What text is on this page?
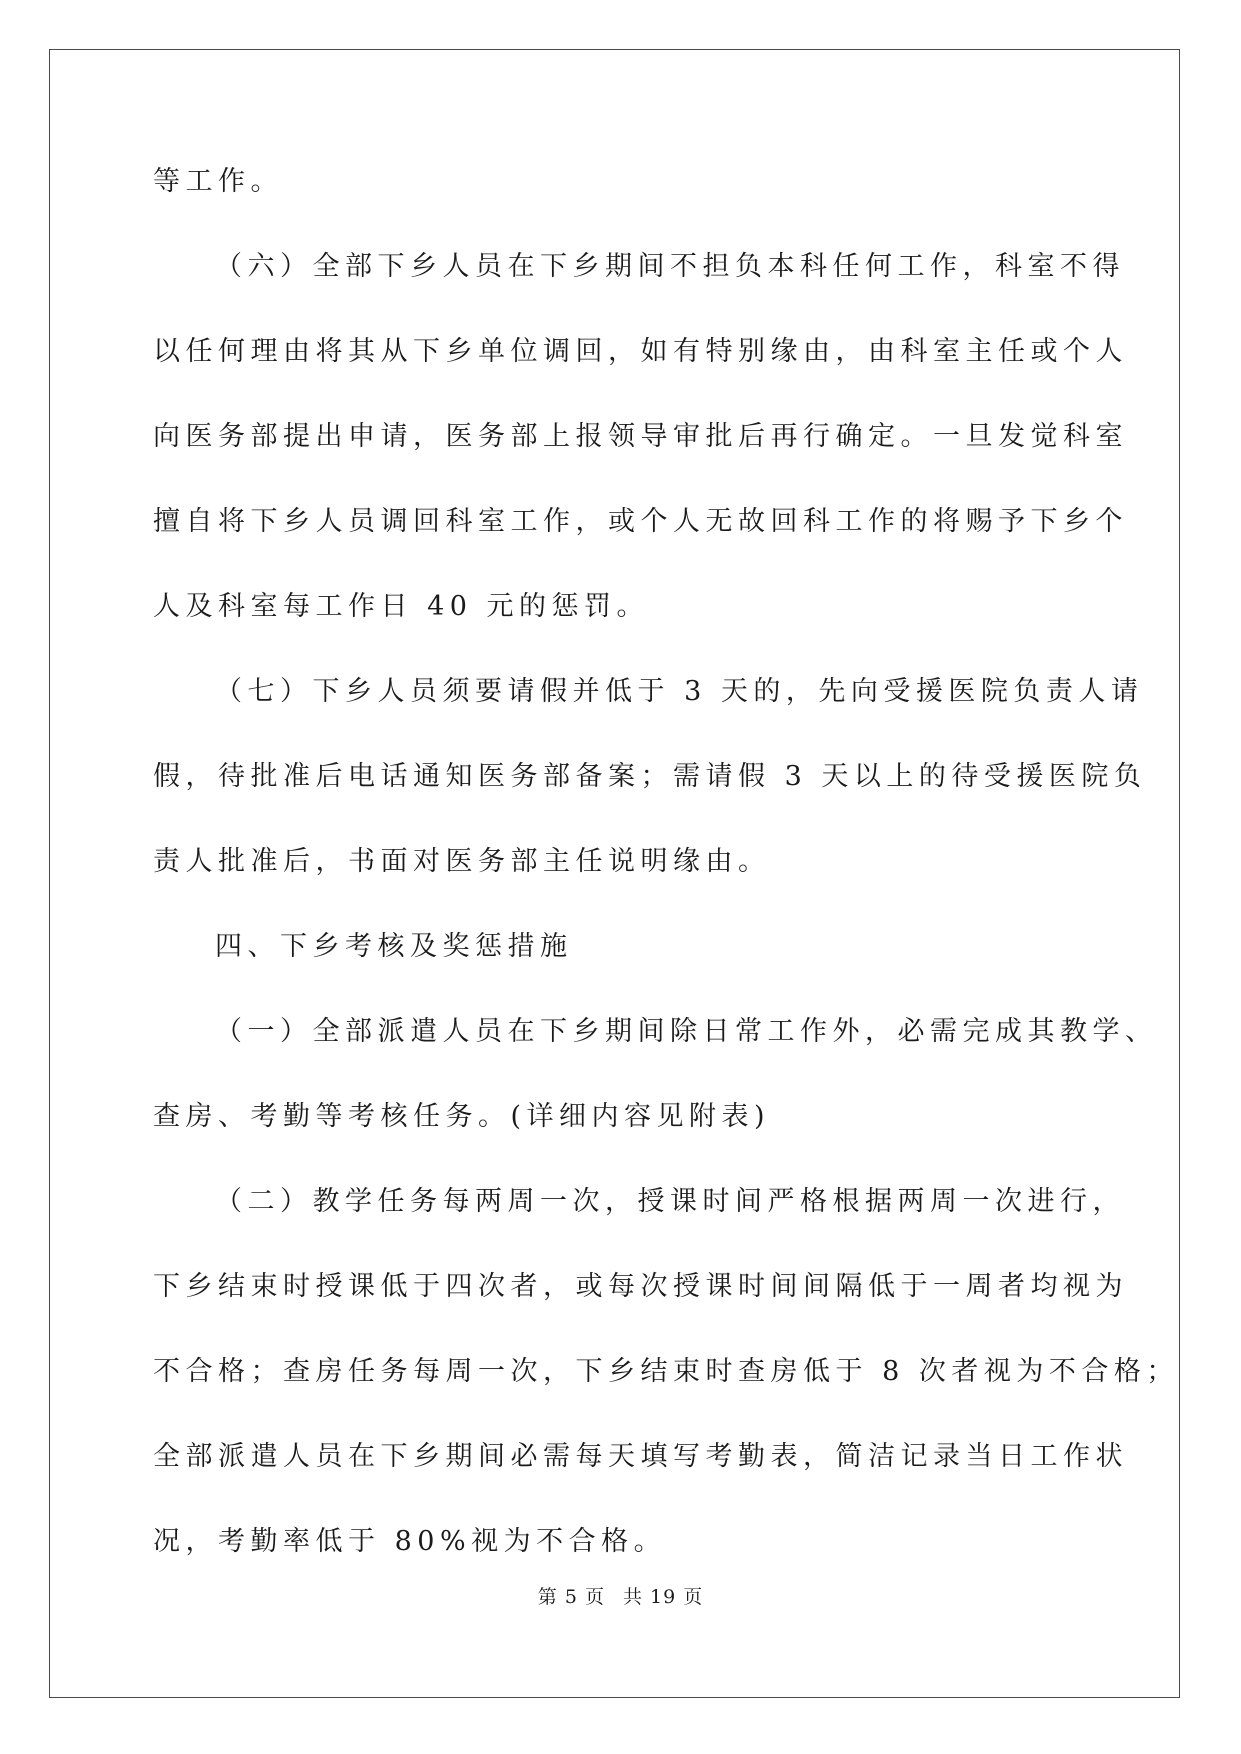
等工作。
（六）全部下乡人员在下乡期间不担负本科任何工作，科室不得
以任何理由将其从下乡单位调回，如有特别缘由，由科室主任或个人
向医务部提出申请，医务部上报领导审批后再行确定。一旦发觉科室
擅自将下乡人员调回科室工作，或个人无故回科工作的将赐予下乡个
人及科室每工作日 40 元的惩罚。
（七）下乡人员须要请假并低于 3 天的，先向受援医院负责人请
假，待批准后电话通知医务部备案；需请假 3 天以上的待受援医院负
责人批准后，书面对医务部主任说明缘由。
四、下乡考核及奖惩措施
（一）全部派遣人员在下乡期间除日常工作外，必需完成其教学、
查房、考勤等考核任务。(详细内容见附表)
（二）教学任务每两周一次，授课时间严格根据两周一次进行，
下乡结束时授课低于四次者，或每次授课时间间隔低于一周者均视为
不合格；查房任务每周一次，下乡结束时查房低于 8 次者视为不合格；
全部派遣人员在下乡期间必需每天填写考勤表，简洁记录当日工作状
况，考勤率低于 80%视为不合格。
第 5 页 共 19 页
